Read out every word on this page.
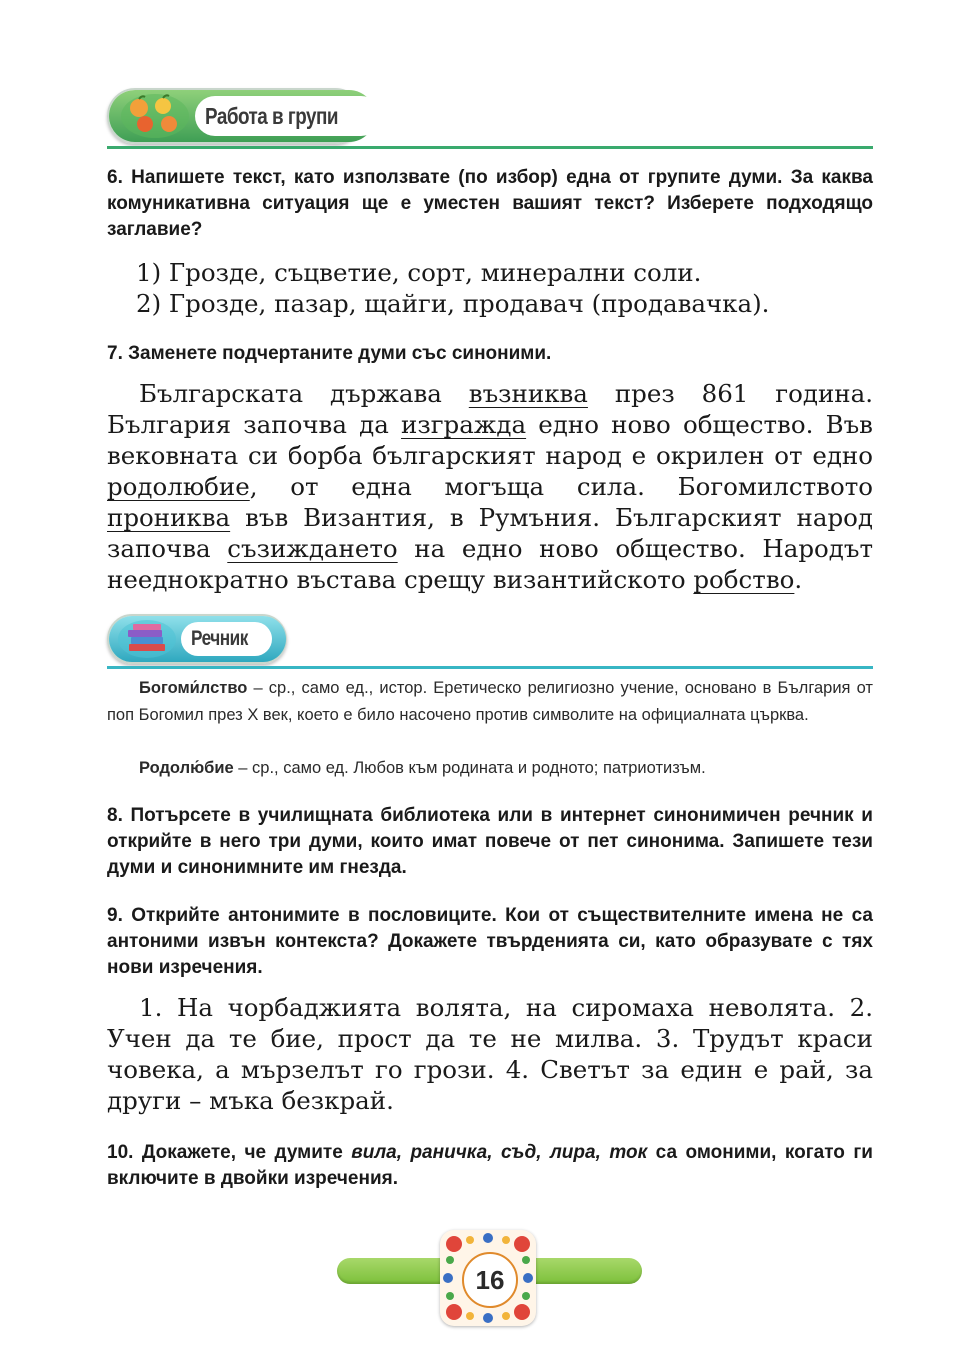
Работа в групи
6. Напишете текст, като използвате (по избор) една от групите думи. За каква комуникативна ситуация ще е уместен вашият текст? Изберете подходящо заглавие?
1) Грозде, съцветие, сорт, минерални соли.
2) Грозде, пазар, щайги, продавач (продавачка).
7. Заменете подчертаните думи със синоними.
Българската държава възниква през 861 година. България започва да изгражда едно ново общество. Във вековната си борба българският народ е окрилен от едно родолюбие, от една могъща сила. Богомилството прониква във Византия, в Румъния. Българският народ започва съзиждането на едно ново общество. Народът нееднократно въстава срещу византийското робство.
Речник
Богоми́лство – ср., само ед., истор. Еретическо религиозно учение, основано в България от поп Богомил през X век, което е било насочено против символите на официалната църква.
Родолю́бие – ср., само ед. Любов към родината и родното; патриотизъм.
8. Потърсете в училищната библиотека или в интернет синонимичен речник и открийте в него три думи, които имат повече от пет синонима. Запишете тези думи и синонимните им гнезда.
9. Открийте антонимите в пословиците. Кои от съществителните имена не са антоними извън контекста? Докажете твърденията си, като образувате с тях нови изречения.
1. На чорбаджията волята, на сиромаха неволята. 2. Учен да те бие, прост да те не милва. 3. Трудът краси човека, а мързелът го грози. 4. Светът за един е рай, за други – мъка безкрай.
10. Докажете, че думите вила, раничка, съд, лира, ток са омоними, когато ги включите в двойки изречения.
16
